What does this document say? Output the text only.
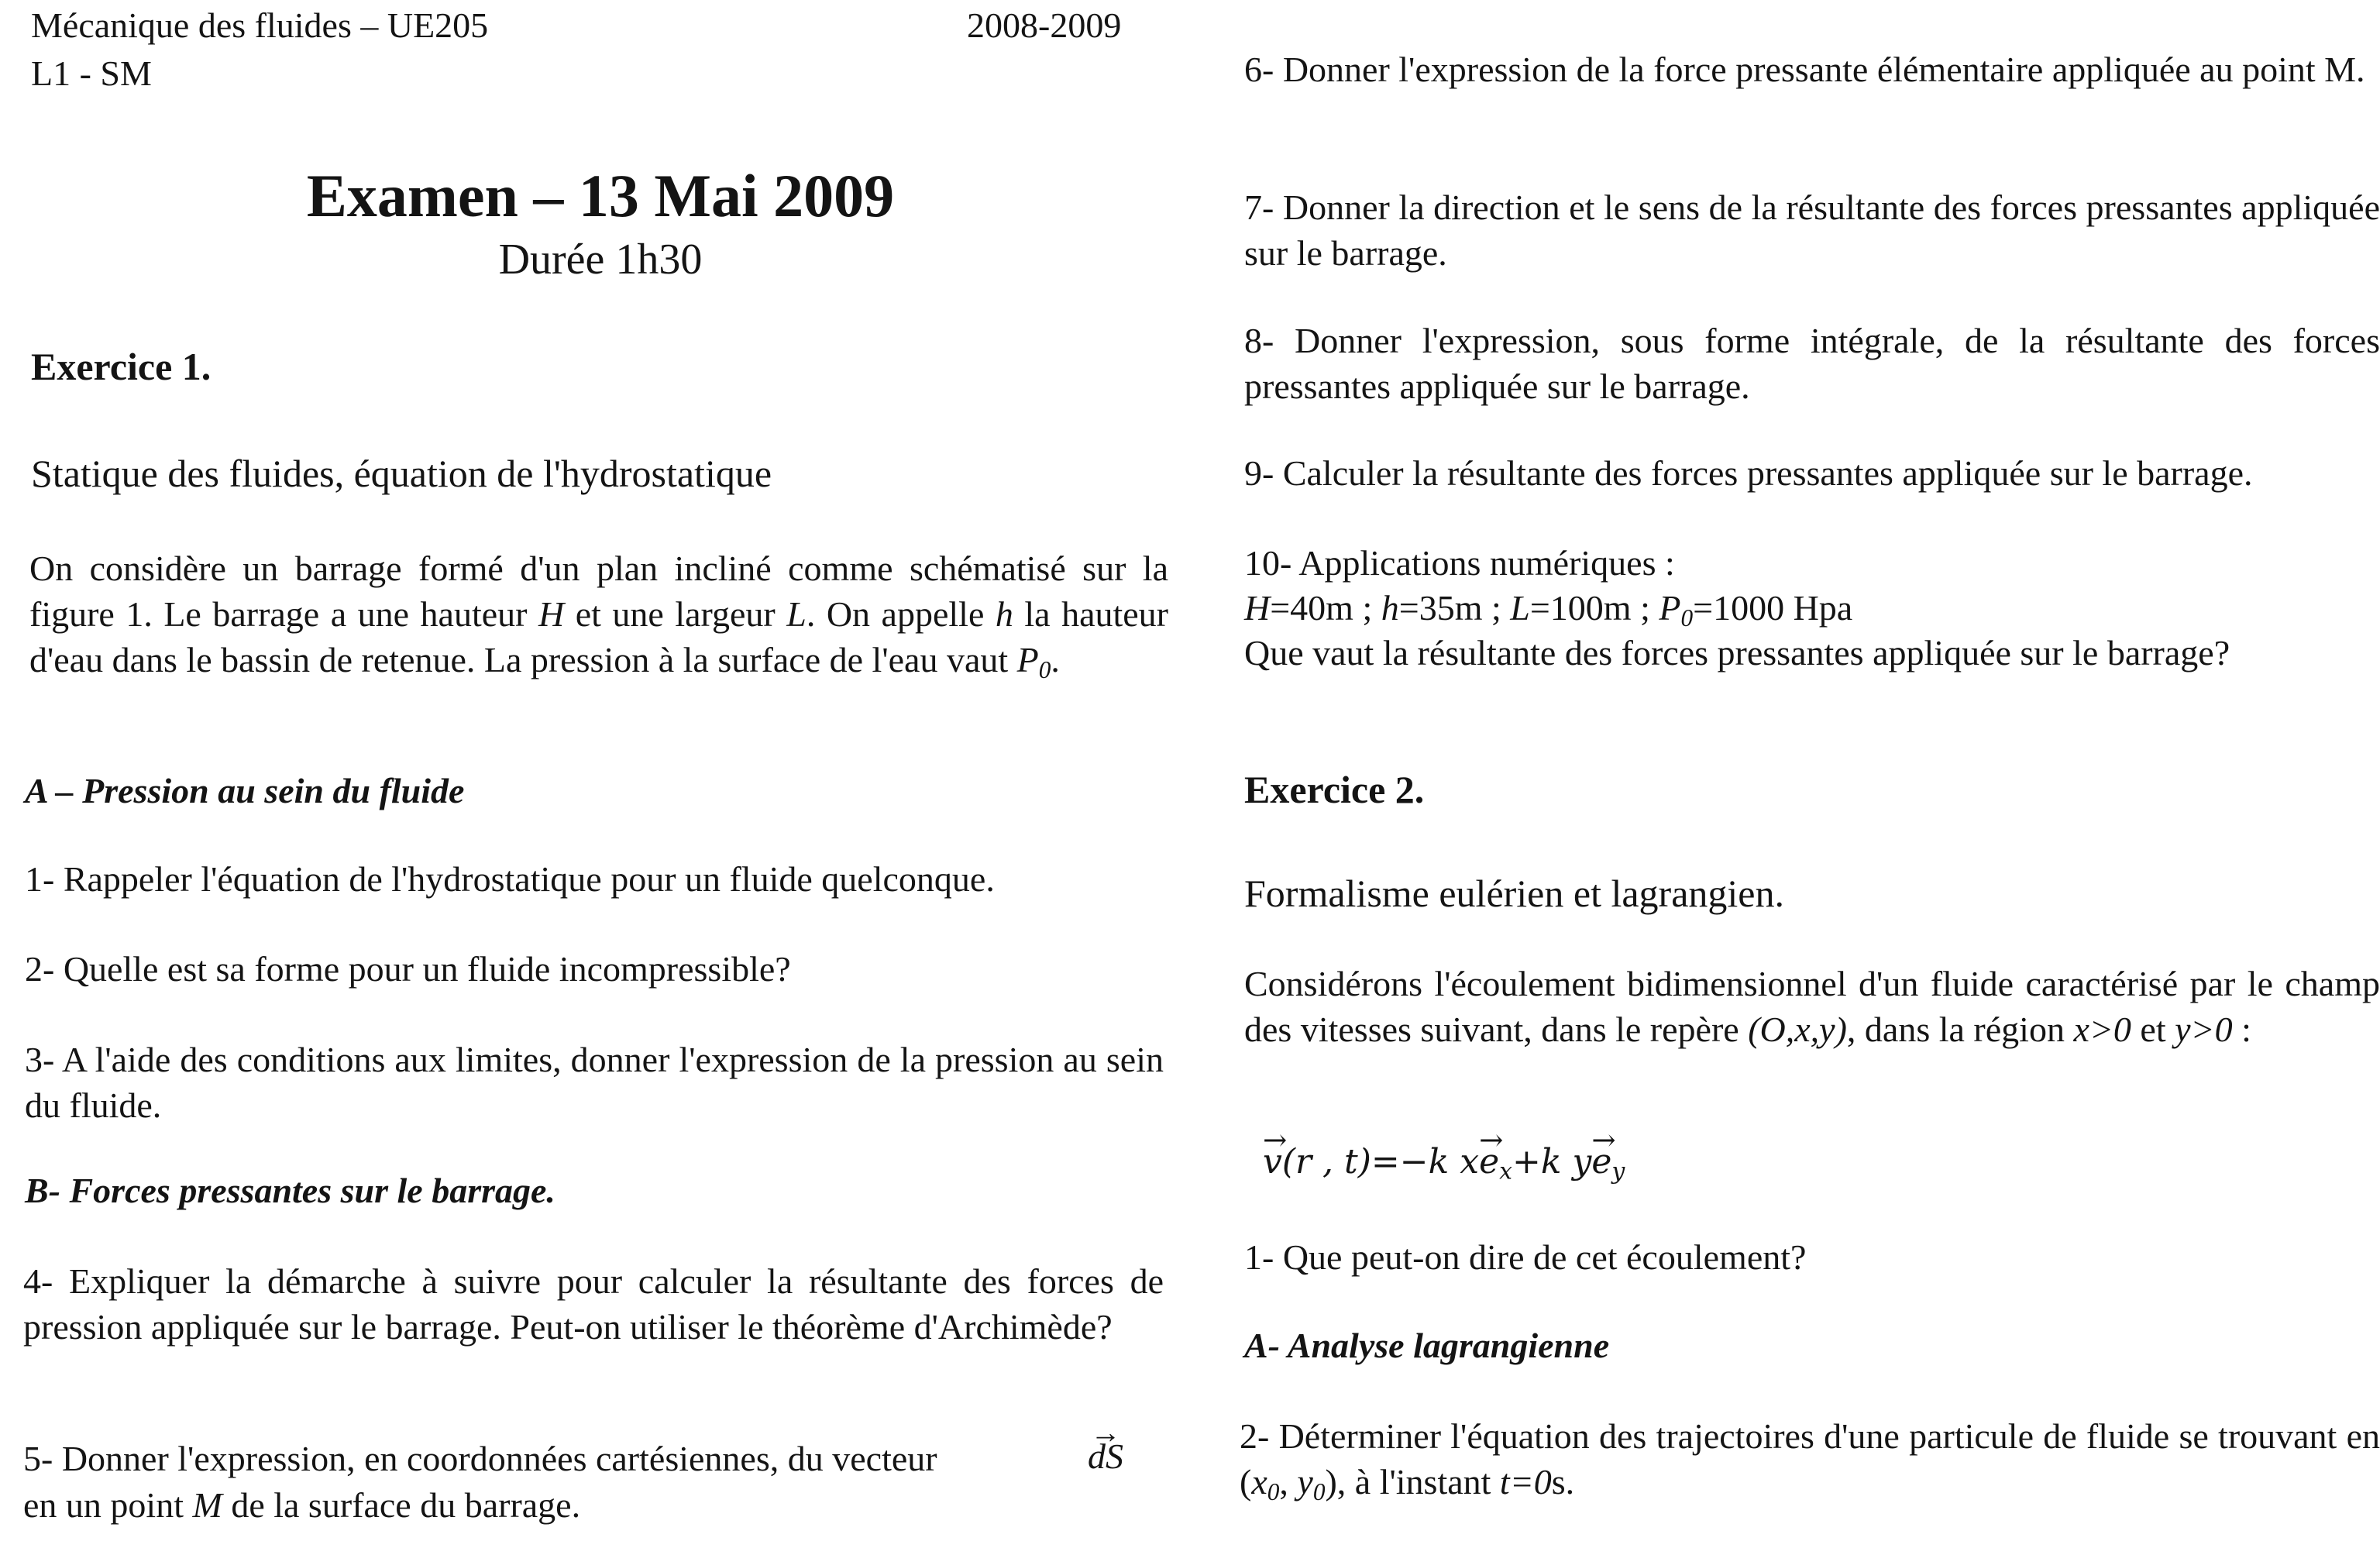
Mécanique des fluides – UE205	2008-2009
L1 - SM
Examen – 13 Mai 2009
Durée 1h30
Exercice 1.
Statique des fluides, équation de l'hydrostatique
On considère un barrage formé d'un plan incliné comme schématisé sur la figure 1. Le barrage a une hauteur H et une largeur L. On appelle h la hauteur d'eau dans le bassin de retenue. La pression à la surface de l'eau vaut $P_0$.
A – Pression au sein du fluide
1- Rappeler l'équation de l'hydrostatique pour un fluide quelconque.
2- Quelle est sa forme pour un fluide incompressible?
3- A l'aide des conditions aux limites, donner l'expression de la pression au sein du fluide.
B- Forces pressantes sur le barrage.
4- Expliquer la démarche à suivre pour calculer la résultante des forces de pression appliquée sur le barrage. Peut-on utiliser le théorème d'Archimède?
5- Donner l'expression, en coordonnées cartésiennes, du vecteur
→	dS
en un point M de la surface du barrage.
6- Donner l'expression de la force pressante élémentaire appliquée au point M.
7- Donner la direction et le sens de la résultante des forces pressantes appliquée sur le barrage.
8- Donner l'expression, sous forme intégrale, de la résultante des forces pressantes appliquée sur le barrage.
9- Calculer la résultante des forces pressantes appliquée sur le barrage.
10- Applications numériques :
H=40m ; h=35m ; L=100m ; $P_0=1000$ Hpa
Que vaut la résultante des forces pressantes appliquée sur le barrage?
Exercice 2.
Formalisme eulérien et lagrangien.
Considérons l'écoulement bidimensionnel d'un fluide caractérisé par le champ des vitesses suivant, dans le repère (O,x,y), dans la région x>0 et y>0 :
→ v(r , t)=−k $x\to e_x+k$ $y\to e_y$
1- Que peut-on dire de cet écoulement?
A- Analyse lagrangienne
2- Déterminer l'équation des trajectoires d'une particule de fluide se trouvant en ($x_0$, $y_0$), à l'instant t=0s.
